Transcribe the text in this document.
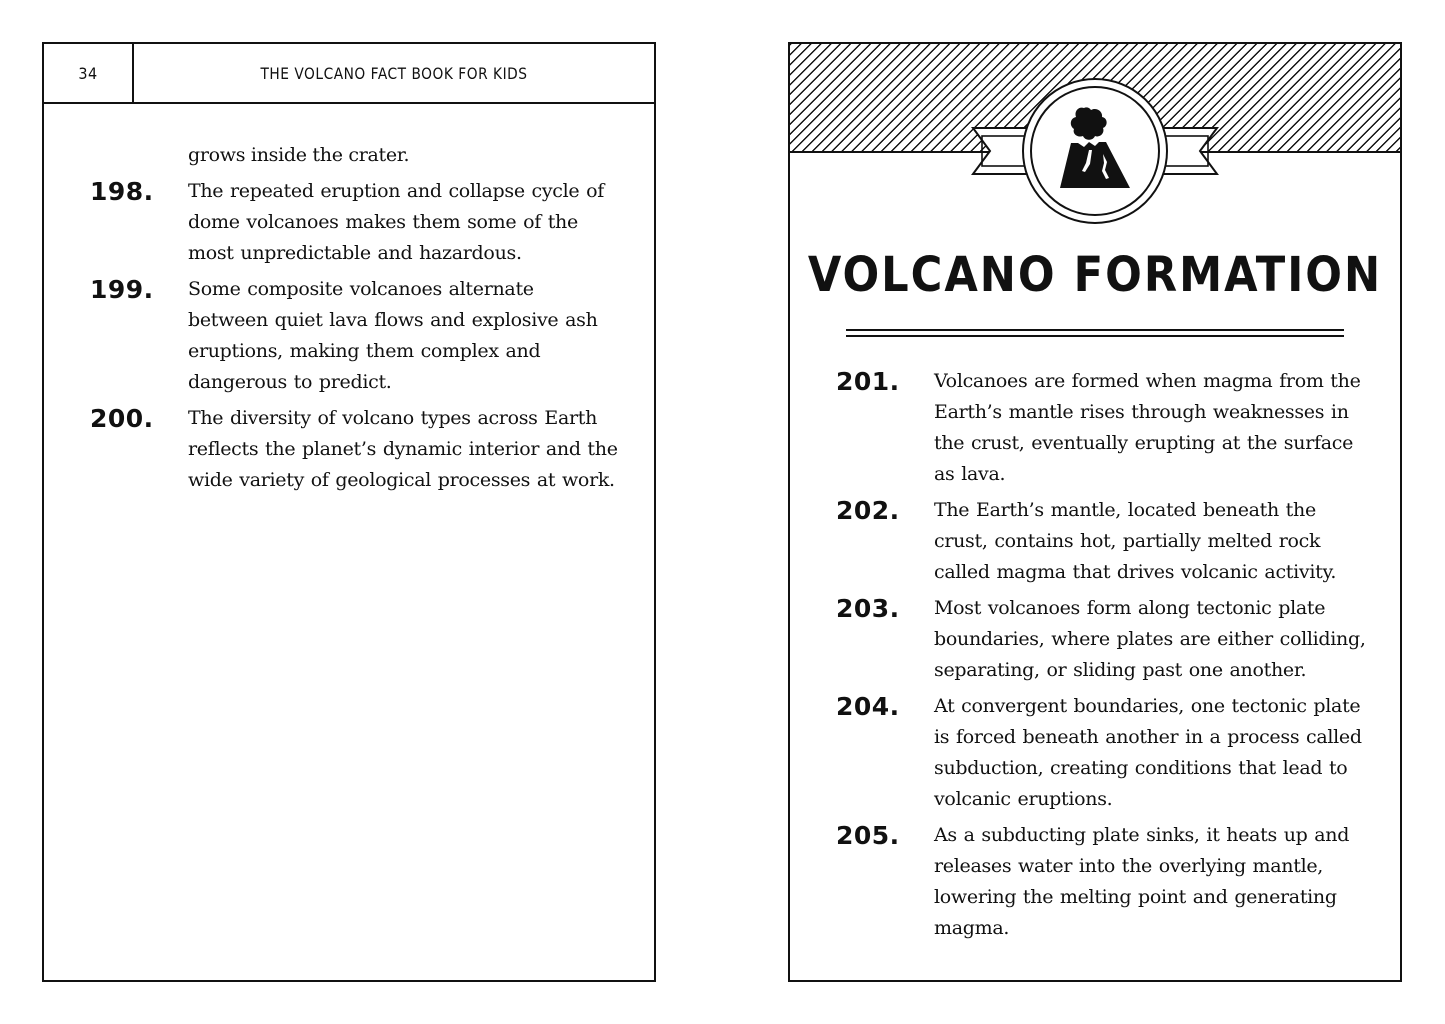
34	THE VOLCANO FACT BOOK FOR KIDS
grows inside the crater.
198.	The repeated eruption and collapse cycle of dome volcanoes makes them some of the most unpredictable and hazardous.
199.	Some composite volcanoes alternate between quiet lava flows and explosive ash eruptions, making them complex and dangerous to predict.
200.	The diversity of volcano types across Earth reflects the planet’s dynamic interior and the wide variety of geological processes at work.
VOLCANO FORMATION
201.	Volcanoes are formed when magma from the Earth’s mantle rises through weaknesses in the crust, eventually erupting at the surface as lava.
202.	The Earth’s mantle, located beneath the crust, contains hot, partially melted rock called magma that drives volcanic activity.
203.	Most volcanoes form along tectonic plate boundaries, where plates are either colliding, separating, or sliding past one another.
204.	At convergent boundaries, one tectonic plate is forced beneath another in a process called subduction, creating conditions that lead to volcanic eruptions.
205.	As a subducting plate sinks, it heats up and releases water into the overlying mantle, lowering the melting point and generating magma.
